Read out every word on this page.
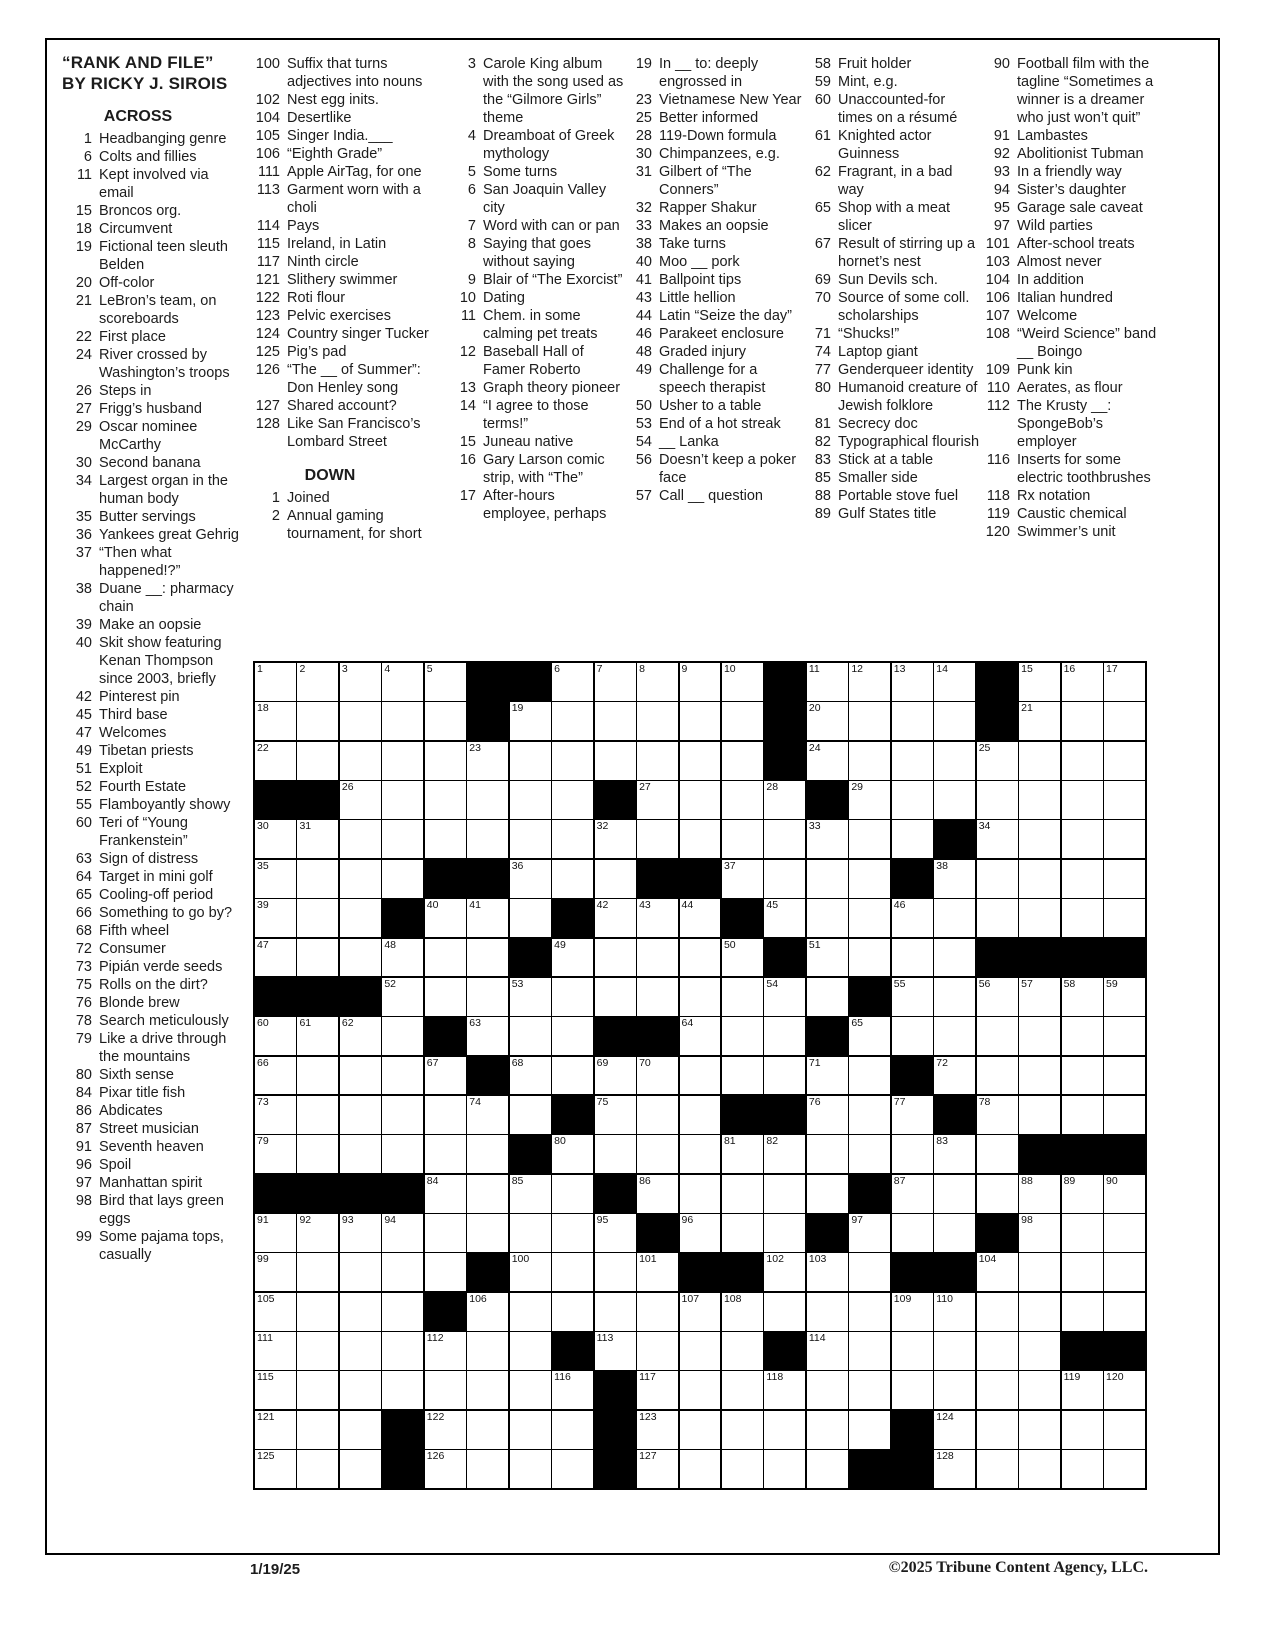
“RANK AND FILE”
BY RICKY J. SIROIS
ACROSS
1 Headbanging genre
6 Colts and fillies
11 Kept involved via email
15 Broncos org.
18 Circumvent
19 Fictional teen sleuth Belden
20 Off-color
21 LeBron’s team, on scoreboards
22 First place
24 River crossed by Washington’s troops
26 Steps in
27 Frigg’s husband
29 Oscar nominee McCarthy
30 Second banana
34 Largest organ in the human body
35 Butter servings
36 Yankees great Gehrig
37 “Then what happened!?”
38 Duane __: pharmacy chain
39 Make an oopsie
40 Skit show featuring Kenan Thompson since 2003, briefly
42 Pinterest pin
45 Third base
47 Welcomes
49 Tibetan priests
51 Exploit
52 Fourth Estate
55 Flamboyantly showy
60 Teri of “Young Frankenstein”
63 Sign of distress
64 Target in mini golf
65 Cooling-off period
66 Something to go by?
68 Fifth wheel
72 Consumer
73 Pipián verde seeds
75 Rolls on the dirt?
76 Blonde brew
78 Search meticulously
79 Like a drive through the mountains
80 Sixth sense
84 Pixar title fish
86 Abdicates
87 Street musician
91 Seventh heaven
96 Spoil
97 Manhattan spirit
98 Bird that lays green eggs
99 Some pajama tops, casually
100 Suffix that turns adjectives into nouns
102 Nest egg inits.
104 Desertlike
105 Singer India.___
106 “Eighth Grade”
111 Apple AirTag, for one
113 Garment worn with a choli
114 Pays
115 Ireland, in Latin
117 Ninth circle
121 Slithery swimmer
122 Roti flour
123 Pelvic exercises
124 Country singer Tucker
125 Pig’s pad
126 “The __ of Summer”: Don Henley song
127 Shared account?
128 Like San Francisco’s Lombard Street
DOWN
1 Joined
2 Annual gaming tournament, for short
3 Carole King album with the song used as the “Gilmore Girls” theme
4 Dreamboat of Greek mythology
5 Some turns
6 San Joaquin Valley city
7 Word with can or pan
8 Saying that goes without saying
9 Blair of “The Exorcist”
10 Dating
11 Chem. in some calming pet treats
12 Baseball Hall of Famer Roberto
13 Graph theory pioneer
14 “I agree to those terms!”
15 Juneau native
16 Gary Larson comic strip, with “The”
17 After-hours employee, perhaps
19 In __ to: deeply engrossed in
23 Vietnamese New Year
25 Better informed
28 119-Down formula
30 Chimpanzees, e.g.
31 Gilbert of “The Conners”
32 Rapper Shakur
33 Makes an oopsie
38 Take turns
40 Moo __ pork
41 Ballpoint tips
43 Little hellion
44 Latin “Seize the day”
46 Parakeet enclosure
48 Graded injury
49 Challenge for a speech therapist
50 Usher to a table
53 End of a hot streak
54 __ Lanka
56 Doesn’t keep a poker face
57 Call __ question
58 Fruit holder
59 Mint, e.g.
60 Unaccounted-for times on a résumé
61 Knighted actor Guinness
62 Fragrant, in a bad way
65 Shop with a meat slicer
67 Result of stirring up a hornet’s nest
69 Sun Devils sch.
70 Source of some coll. scholarships
71 “Shucks!”
74 Laptop giant
77 Genderqueer identity
80 Humanoid creature of Jewish folklore
81 Secrecy doc
82 Typographical flourish
83 Stick at a table
85 Smaller side
88 Portable stove fuel
89 Gulf States title
90 Football film with the tagline “Sometimes a winner is a dreamer who just won’t quit”
91 Lambastes
92 Abolitionist Tubman
93 In a friendly way
94 Sister’s daughter
95 Garage sale caveat
97 Wild parties
101 After-school treats
103 Almost never
104 In addition
106 Italian hundred
107 Welcome
108 “Weird Science” band __ Boingo
109 Punk kin
110 Aerates, as flour
112 The Krusty __: SpongeBob’s employer
116 Inserts for some electric toothbrushes
118 Rx notation
119 Caustic chemical
120 Swimmer’s unit
1	2	3	4	5	6	7	8	9	10	11	12	13	14	15	16	17
18	19	20	21
22	23	24	25
26	27	28	29
30	31	32	33	34
35	36	37	38
39	40	41	42	43	44	45	46
47	48	49	50	51
52	53	54	55	56	57	58	59
60	61	62	63	64	65
66	67	68	69	70	71	72
73	74	75	76	77	78
79	80	81	82	83
84	85	86	87	88	89	90
91	92	93	94	95	96	97	98
99	100	101	102 103	104
105	106	107 108	109 110
111	112	113	114
115	116	117	118	119 120
121	122	123	124
125	126	127	128
1/19/25	©2025 Tribune Content Agency, LLC.
